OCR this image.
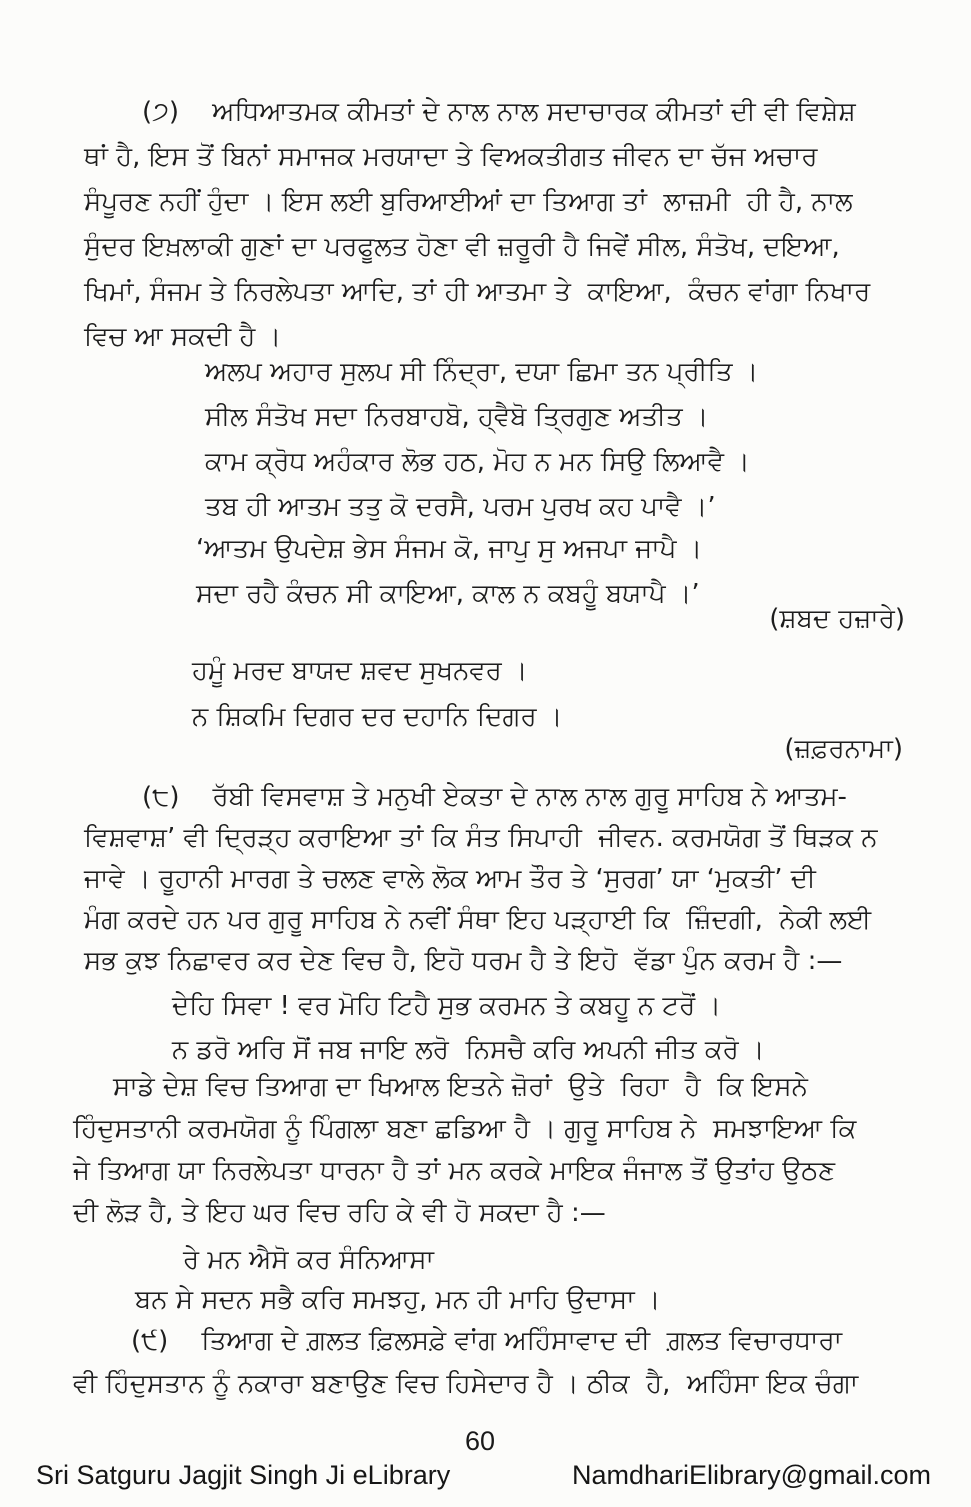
(੭)    ਅਧਿਆਤਮਕ ਕੀਮਤਾਂ ਦੇ ਨਾਲ ਨਾਲ ਸਦਾਚਾਰਕ ਕੀਮਤਾਂ ਦੀ ਵੀ ਵਿਸ਼ੇਸ਼
ਥਾਂ ਹੈ, ਇਸ ਤੋਂ ਬਿਨਾਂ ਸਮਾਜਕ ਮਰਯਾਦਾ ਤੇ ਵਿਅਕਤੀਗਤ ਜੀਵਨ ਦਾ ਚੱਜ ਅਚਾਰ
ਸੰਪੂਰਣ ਨਹੀਂ ਹੁੰਦਾ । ਇਸ ਲਈ ਬੁਰਿਆਈਆਂ ਦਾ ਤਿਆਗ ਤਾਂ  ਲਾਜ਼ਮੀ  ਹੀ ਹੈ, ਨਾਲ
ਸੁੰਦਰ ਇਖ਼ਲਾਕੀ ਗੁਣਾਂ ਦਾ ਪਰਫੂਲਤ ਹੋਣਾ ਵੀ ਜ਼ਰੂਰੀ ਹੈ ਜਿਵੇਂ ਸੀਲ, ਸੰਤੋਖ, ਦਇਆ,
ਖਿਮਾਂ, ਸੰਜਮ ਤੇ ਨਿਰਲੇਪਤਾ ਆਦਿ, ਤਾਂ ਹੀ ਆਤਮਾ ਤੇ  ਕਾਇਆ,  ਕੰਚਨ ਵਾਂਗਾ ਨਿਖਾਰ
ਵਿਚ ਆ ਸਕਦੀ ਹੈ ।
ਅਲਪ ਅਹਾਰ ਸੁਲਪ ਸੀ ਨਿੰਦ੍ਰਾ, ਦਯਾ ਛਿਮਾ ਤਨ ਪ੍ਰੀਤਿ ।
ਸੀਲ ਸੰਤੋਖ ਸਦਾ ਨਿਰਬਾਹਬੋ, ਹ੍ਵੈਬੋ ਤ੍ਰਿਗੁਣ ਅਤੀਤ ।
ਕਾਮ ਕ੍ਰੋਧ ਅਹੰਕਾਰ ਲੋਭ ਹਠ, ਮੋਹ ਨ ਮਨ ਸਿਉ ਲਿਆਵੈ ।
ਤਬ ਹੀ ਆਤਮ ਤਤੁ ਕੋ ਦਰਸੈ, ਪਰਮ ਪੁਰਖ ਕਹ ਪਾਵੈ ।’
‘ਆਤਮ ਉਪਦੇਸ਼ ਭੇਸ ਸੰਜਮ ਕੋ, ਜਾਪੁ ਸੁ ਅਜਪਾ ਜਾਪੈ ।
ਸਦਾ ਰਹੈ ਕੰਚਨ ਸੀ ਕਾਇਆ, ਕਾਲ ਨ ਕਬਹੂੰ ਬਯਾਪੈ ।’
(ਸ਼ਬਦ ਹਜ਼ਾਰੇ)
ਹਮੂੰ ਮਰਦ ਬਾਯਦ ਸ਼ਵਦ ਸੁਖਨਵਰ ।
ਨ ਸ਼ਿਕਮਿ ਦਿਗਰ ਦਰ ਦਹਾਨਿ ਦਿਗਰ ।
(ਜ਼ਫ਼ਰਨਾਮਾ)
(੮)    ਰੱਬੀ ਵਿਸਵਾਸ਼ ਤੇ ਮਨੁਖੀ ਏਕਤਾ ਦੇ ਨਾਲ ਨਾਲ ਗੁਰੂ ਸਾਹਿਬ ਨੇ ਆਤਮ-
ਵਿਸ਼ਵਾਸ਼’ ਵੀ ਦ੍ਰਿੜ੍ਹ ਕਰਾਇਆ ਤਾਂ ਕਿ ਸੰਤ ਸਿਪਾਹੀ  ਜੀਵਨ. ਕਰਮਯੋਗ ਤੋਂ ਥਿੜਕ ਨ
ਜਾਵੇ । ਰੂਹਾਨੀ ਮਾਰਗ ਤੇ ਚਲਣ ਵਾਲੇ ਲੋਕ ਆਮ ਤੌਰ ਤੇ ‘ਸੁਰਗ’ ਯਾ ‘ਮੁਕਤੀ’ ਦੀ
ਮੰਗ ਕਰਦੇ ਹਨ ਪਰ ਗੁਰੂ ਸਾਹਿਬ ਨੇ ਨਵੀਂ ਸੰਥਾ ਇਹ ਪੜ੍ਹਾਈ ਕਿ  ਜ਼ਿੰਦਗੀ,  ਨੇਕੀ ਲਈ
ਸਭ ਕੁਝ ਨਿਛਾਵਰ ਕਰ ਦੇਣ ਵਿਚ ਹੈ, ਇਹੋ ਧਰਮ ਹੈ ਤੇ ਇਹੋ  ਵੱਡਾ ਪੁੰਨ ਕਰਮ ਹੈ :—
ਦੇਹਿ ਸਿਵਾ ! ਵਰ ਮੋਹਿ ਟਿਹੈ ਸੁਭ ਕਰਮਨ ਤੇ ਕਬਹੂ ਨ ਟਰੋਂ ।
ਨ ਡਰੋ ਅਰਿ ਸੋਂ ਜਬ ਜਾਇ ਲਰੋ  ਨਿਸਚੈ ਕਰਿ ਅਪਨੀ ਜੀਤ ਕਰੋ ।
ਸਾਡੇ ਦੇਸ਼ ਵਿਚ ਤਿਆਗ ਦਾ ਖਿਆਲ ਇਤਨੇ ਜ਼ੋਰਾਂ  ਉਤੇ  ਰਿਹਾ  ਹੈ  ਕਿ ਇਸਨੇ
ਹਿੰਦੁਸਤਾਨੀ ਕਰਮਯੋਗ ਨੂੰ ਪਿੰਗਲਾ ਬਣਾ ਛਡਿਆ ਹੈ । ਗੁਰੂ ਸਾਹਿਬ ਨੇ  ਸਮਝਾਇਆ ਕਿ
ਜੇ ਤਿਆਗ ਯਾ ਨਿਰਲੇਪਤਾ ਧਾਰਨਾ ਹੈ ਤਾਂ ਮਨ ਕਰਕੇ ਮਾਇਕ ਜੰਜਾਲ ਤੋਂ ਉਤਾਂਹ ਉਠਣ
ਦੀ ਲੋੜ ਹੈ, ਤੇ ਇਹ ਘਰ ਵਿਚ ਰਹਿ ਕੇ ਵੀ ਹੋ ਸਕਦਾ ਹੈ :—
ਰੇ ਮਨ ਐਸੋ ਕਰ ਸੰਨਿਆਸਾ
ਬਨ ਸੇ ਸਦਨ ਸਭੈ ਕਰਿ ਸਮਝਹੁ, ਮਨ ਹੀ ਮਾਹਿ ਉਦਾਸਾ ।
(੯)    ਤਿਆਗ ਦੇ ਗ਼ਲਤ ਫ਼ਿਲਸਫ਼ੇ ਵਾਂਗ ਅਹਿੰਸਾਵਾਦ ਦੀ  ਗ਼ਲਤ ਵਿਚਾਰਧਾਰਾ
ਵੀ ਹਿੰਦੁਸਤਾਨ ਨੂੰ ਨਕਾਰਾ ਬਣਾਉਣ ਵਿਚ ਹਿਸੇਦਾਰ ਹੈ । ਠੀਕ  ਹੈ,  ਅਹਿੰਸਾ ਇਕ ਚੰਗਾ
60
Sri Satguru Jagjit Singh Ji eLibrary	NamdhariElibrary@gmail.com
